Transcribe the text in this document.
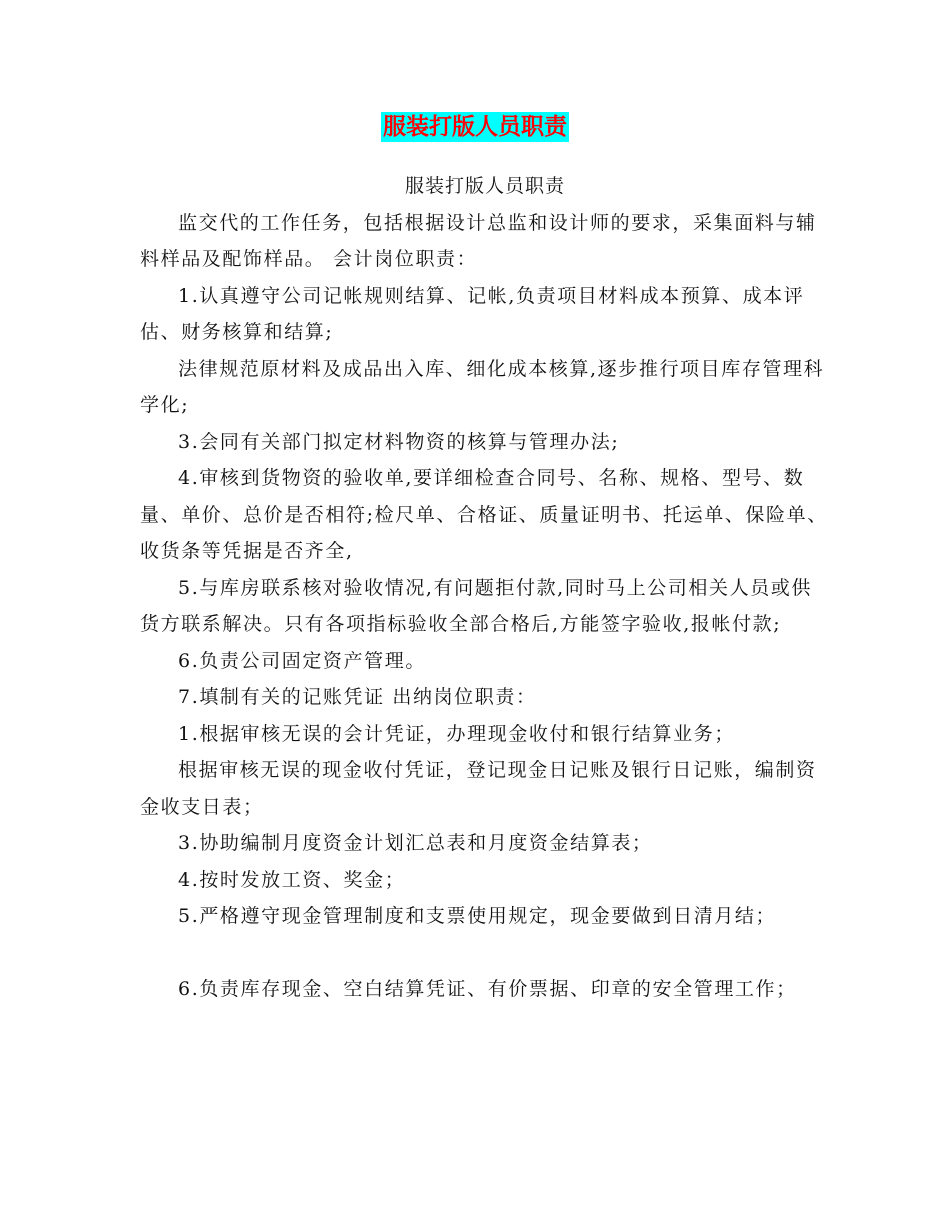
服装打版人员职责

服装打版人员职责

监交代的工作任务，包括根据设计总监和设计师的要求，采集面料与辅料样品及配饰样品。 会计岗位职责：

1.认真遵守公司记帐规则结算、记帐,负责项目材料成本预算、成本评估、财务核算和结算;

法律规范原材料及成品出入库、细化成本核算,逐步推行项目库存管理科学化;

3.会同有关部门拟定材料物资的核算与管理办法;

4.审核到货物资的验收单,要详细检查合同号、名称、规格、型号、数量、单价、总价是否相符;检尺单、合格证、质量证明书、托运单、保险单、收货条等凭据是否齐全,

5.与库房联系核对验收情况,有问题拒付款,同时马上公司相关人员或供货方联系解决。只有各项指标验收全部合格后,方能签字验收,报帐付款;

6.负责公司固定资产管理。

7.填制有关的记账凭证 出纳岗位职责：

1.根据审核无误的会计凭证，办理现金收付和银行结算业务；

根据审核无误的现金收付凭证，登记现金日记账及银行日记账，编制资金收支日表；

3.协助编制月度资金计划汇总表和月度资金结算表；

4.按时发放工资、奖金；

5.严格遵守现金管理制度和支票使用规定，现金要做到日清月结；

6.负责库存现金、空白结算凭证、有价票据、印章的安全管理工作；
